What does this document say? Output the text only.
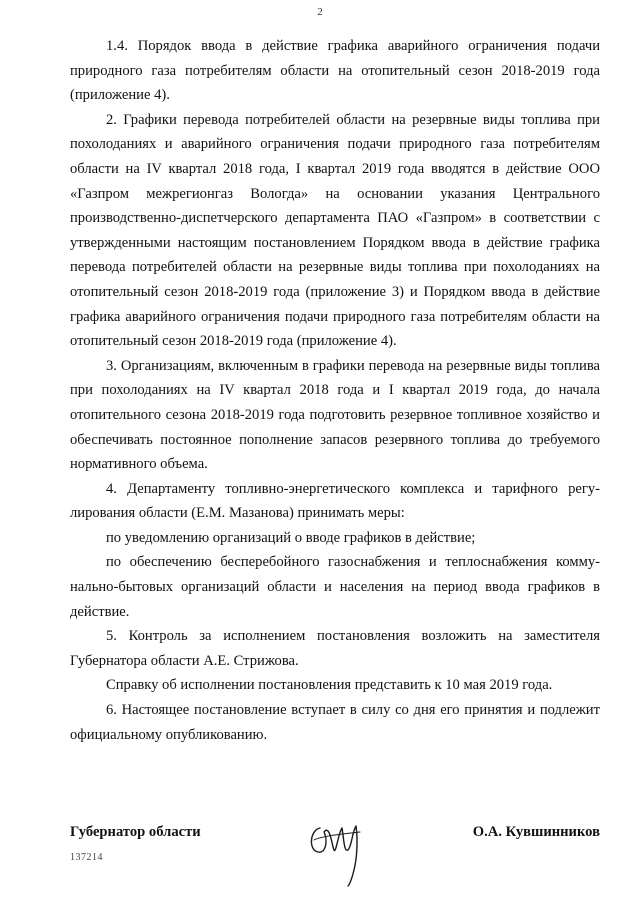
2

1.4. Порядок ввода в действие графика аварийного ограничения подачи природного газа потребителям области на отопительный сезон 2018-2019 года (приложение 4).

2. Графики перевода потребителей области на резервные виды топлива при похолоданиях и аварийного ограничения подачи природного газа потребителям области на IV квартал 2018 года, I квартал 2019 года вводятся в действие ООО «Газпром межрегионгаз Вологда» на основании указания Центрального производственно-диспетчерского департамента ПАО «Газпром» в соответствии с утвержденными настоящим постановлением Порядком ввода в действие графика перевода потребителей области на резервные виды топлива при похолоданиях на отопительный сезон 2018-2019 года (приложение 3) и Порядком ввода в действие графика аварийного ограничения подачи природного газа потребителям области на отопительный сезон 2018-2019 года (приложение 4).

3. Организациям, включенным в графики перевода на резервные виды топлива при похолоданиях на IV квартал 2018 года и I квартал 2019 года, до начала отопительного сезона 2018-2019 года подготовить резервное топливное хозяйство и обеспечивать постоянное пополнение запасов резервного топлива до требуемого нормативного объема.

4. Департаменту топливно-энергетического комплекса и тарифного регулирования области (Е.М. Мазанова) принимать меры:

по уведомлению организаций о вводе графиков в действие;

по обеспечению бесперебойного газоснабжения и теплоснабжения коммунально-бытовых организаций области и населения на период ввода графиков в действие.

5. Контроль за исполнением постановления возложить на заместителя Губернатора области А.Е. Стрижова.

Справку об исполнении постановления представить к 10 мая 2019 года.

6. Настоящее постановление вступает в силу со дня его принятия и подлежит официальному опубликованию.

Губернатор области	О.А. Кувшинников
137214
